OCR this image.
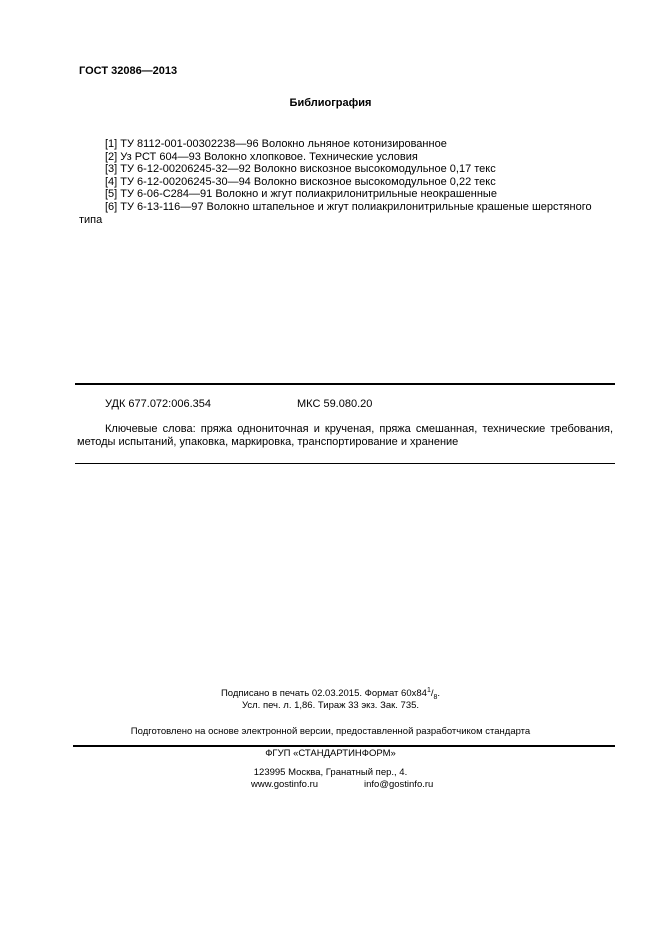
ГОСТ 32086—2013
Библиография
[1] ТУ 8112-001-00302238—96 Волокно льняное котонизированное
[2] Уз РСТ 604—93 Волокно хлопковое. Технические условия
[3] ТУ 6-12-00206245-32—92 Волокно вискозное высокомодульное 0,17 текс
[4] ТУ 6-12-00206245-30—94 Волокно вискозное высокомодульное 0,22 текс
[5] ТУ 6-06-С284—91 Волокно и жгут полиакрилонитрильные неокрашенные
[6] ТУ 6-13-116—97 Волокно штапельное и жгут полиакрилонитрильные крашеные шерстяного типа
УДК 677.072:006.354	МКС 59.080.20
Ключевые слова: пряжа однониточная и крученая, пряжа смешанная, технические требования, методы испытаний, упаковка, маркировка, транспортирование и хранение
Подписано в печать 02.03.2015. Формат $60x84^1/_8$.
Усл. печ. л. 1,86. Тираж 33 экз. Зак. 735.
Подготовлено на основе электронной версии, предоставленной разработчиком стандарта
ФГУП «СТАНДАРТИНФОРМ»
123995 Москва, Гранатный пер., 4.
www.gostinfo.ru	info@gostinfo.ru
